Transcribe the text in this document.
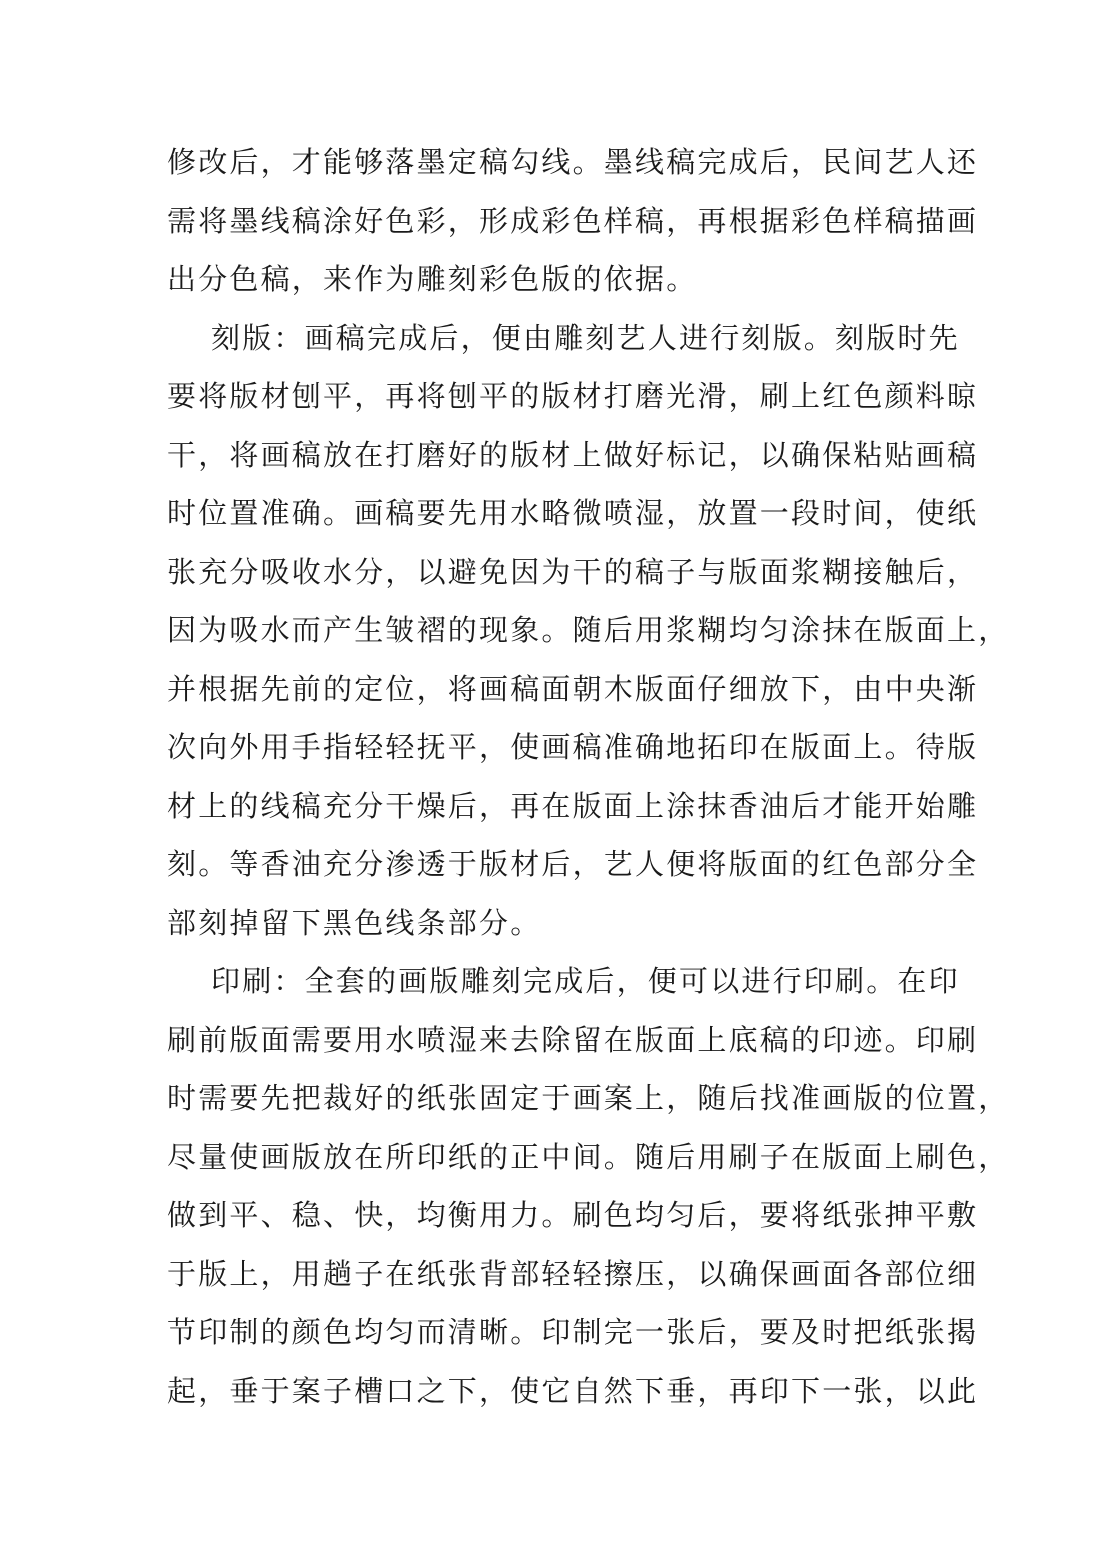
修改后，才能够落墨定稿勾线。墨线稿完成后，民间艺人还
需将墨线稿涂好色彩，形成彩色样稿，再根据彩色样稿描画
出分色稿，来作为雕刻彩色版的依据。
刻版：画稿完成后，便由雕刻艺人进行刻版。刻版时先
要将版材刨平，再将刨平的版材打磨光滑，刷上红色颜料晾
干，将画稿放在打磨好的版材上做好标记，以确保粘贴画稿
时位置准确。画稿要先用水略微喷湿，放置一段时间，使纸
张充分吸收水分，以避免因为干的稿子与版面浆糊接触后，
因为吸水而产生皱褶的现象。随后用浆糊均匀涂抹在版面上，
并根据先前的定位，将画稿面朝木版面仔细放下，由中央渐
次向外用手指轻轻抚平，使画稿准确地拓印在版面上。待版
材上的线稿充分干燥后，再在版面上涂抹香油后才能开始雕
刻。等香油充分渗透于版材后，艺人便将版面的红色部分全
部刻掉留下黑色线条部分。
印刷：全套的画版雕刻完成后，便可以进行印刷。在印
刷前版面需要用水喷湿来去除留在版面上底稿的印迹。印刷
时需要先把裁好的纸张固定于画案上，随后找准画版的位置，
尽量使画版放在所印纸的正中间。随后用刷子在版面上刷色，
做到平、稳、快，均衡用力。刷色均匀后，要将纸张抻平敷
于版上，用趟子在纸张背部轻轻擦压，以确保画面各部位细
节印制的颜色均匀而清晰。印制完一张后，要及时把纸张揭
起，垂于案子槽口之下，使它自然下垂，再印下一张，以此
